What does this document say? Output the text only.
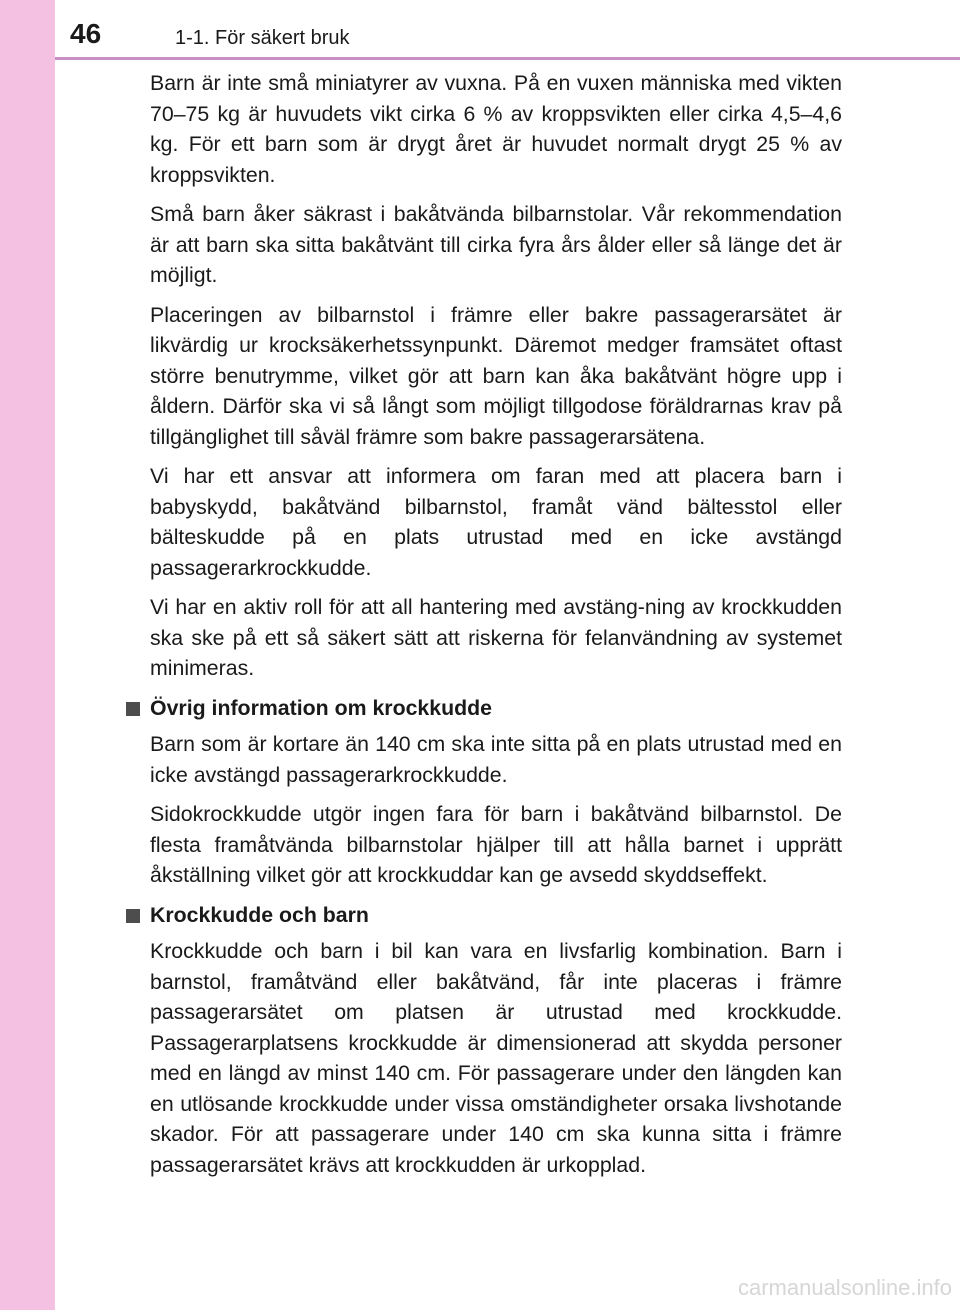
46	1-1. För säkert bruk

Barn är inte små miniatyrer av vuxna. På en vuxen människa med vikten 70–75 kg är huvudets vikt cirka 6 % av kroppsvikten eller cirka 4,5–4,6 kg. För ett barn som är drygt året är huvudet normalt drygt 25 % av kroppsvikten.

Små barn åker säkrast i bakåtvända bilbarnstolar. Vår rekommendation är att barn ska sitta bakåtvänt till cirka fyra års ålder eller så länge det är möjligt.

Placeringen av bilbarnstol i främre eller bakre passagerarsätet är likvärdig ur krocksäkerhetssynpunkt. Däremot medger framsätet oftast större benutrymme, vilket gör att barn kan åka bakåtvänt högre upp i åldern. Därför ska vi så långt som möjligt tillgodose föräldrarnas krav på tillgänglighet till såväl främre som bakre passagerarsätena.

Vi har ett ansvar att informera om faran med att placera barn i babyskydd, bakåtvänd bilbarnstol, framåt vänd bältesstol eller bälteskudde på en plats utrustad med en icke avstängd passagerarkrockkudde.

Vi har en aktiv roll för att all hantering med avstäng-ning av krockkudden ska ske på ett så säkert sätt att riskerna för felanvändning av systemet minimeras.

Övrig information om krockkudde

Barn som är kortare än 140 cm ska inte sitta på en plats utrustad med en icke avstängd passagerarkrockkudde.

Sidokrockkudde utgör ingen fara för barn i bakåtvänd bilbarnstol. De flesta framåtvända bilbarnstolar hjälper till att hålla barnet i upprätt åkställning vilket gör att krockkuddar kan ge avsedd skyddseffekt.

Krockkudde och barn

Krockkudde och barn i bil kan vara en livsfarlig kombination. Barn i barnstol, framåtvänd eller bakåtvänd, får inte placeras i främre passagerarsätet om platsen är utrustad med krockkudde. Passagerarplatsens krockkudde är dimensionerad att skydda personer med en längd av minst 140 cm. För passagerare under den längden kan en utlösande krockkudde under vissa omständigheter orsaka livshotande skador. För att passagerare under 140 cm ska kunna sitta i främre passagerarsätet krävs att krockkudden är urkopplad.

carmanualsonline.info
